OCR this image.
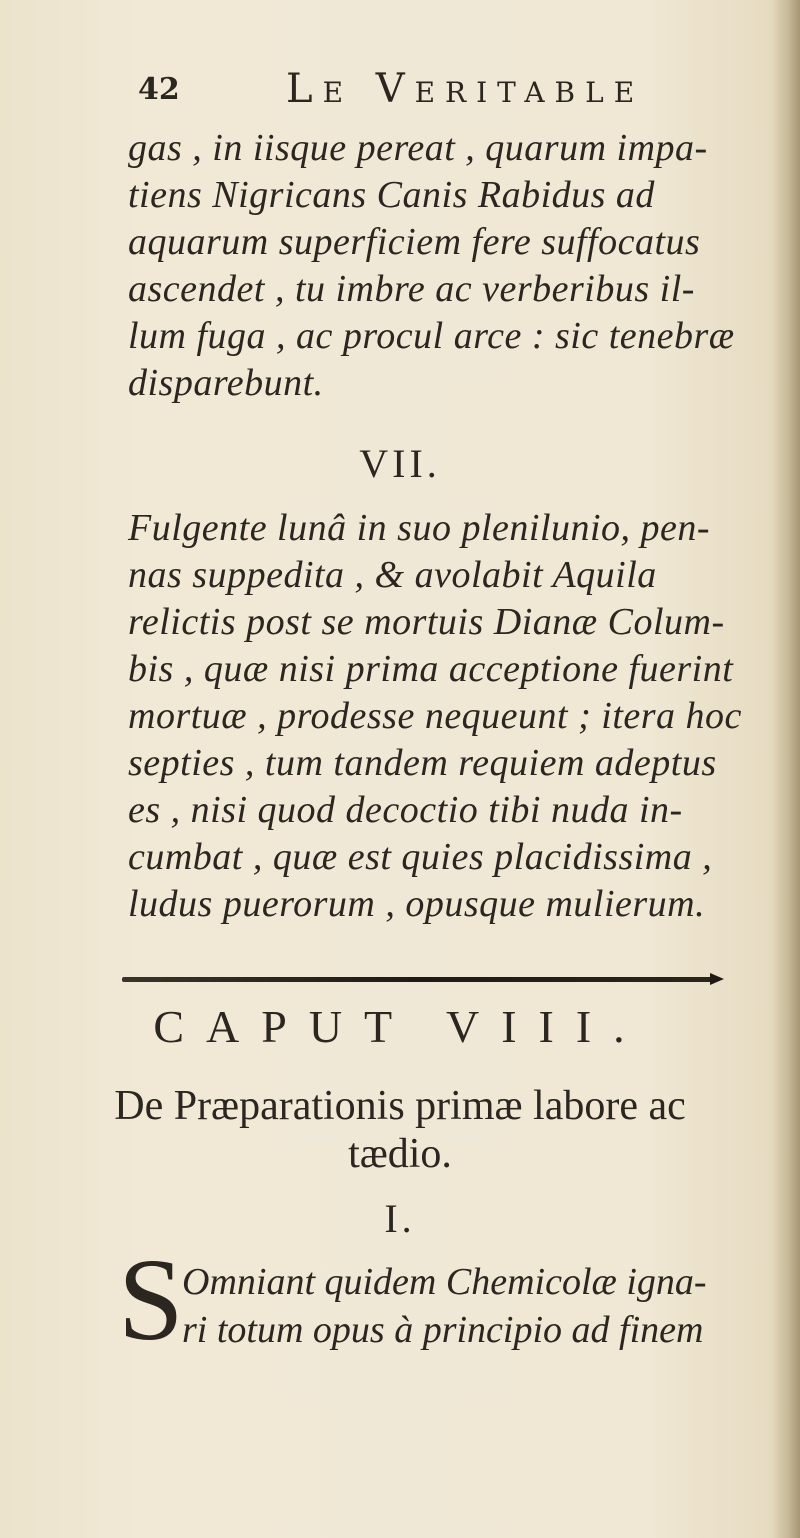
42	Le Veritable
gas , in iisque pereat , quarum impa-
tiens Nigricans Canis Rabidus ad
aquarum superficiem fere suffocatus
ascendet , tu imbre ac verberibus il-
lum fuga , ac procul arce : sic tenebræ
disparebunt.
VII.
Fulgente lunâ in suo plenilunio, pen-
nas suppedita , & avolabit Aquila
relictis post se mortuis Dianæ Colum-
bis , quæ nisi prima acceptione fuerint
mortuæ , prodesse nequeunt ; itera hoc
septies , tum tandem requiem adeptus
es , nisi quod decoctio tibi nuda in-
cumbat , quæ est quies placidissima ,
ludus puerorum , opusque mulierum.
CAPUT VIII.
De Præparationis primæ labore ac
tædio.
I.
S
Omniant quidem Chemicolæ igna-
ri totum opus à principio ad finem
